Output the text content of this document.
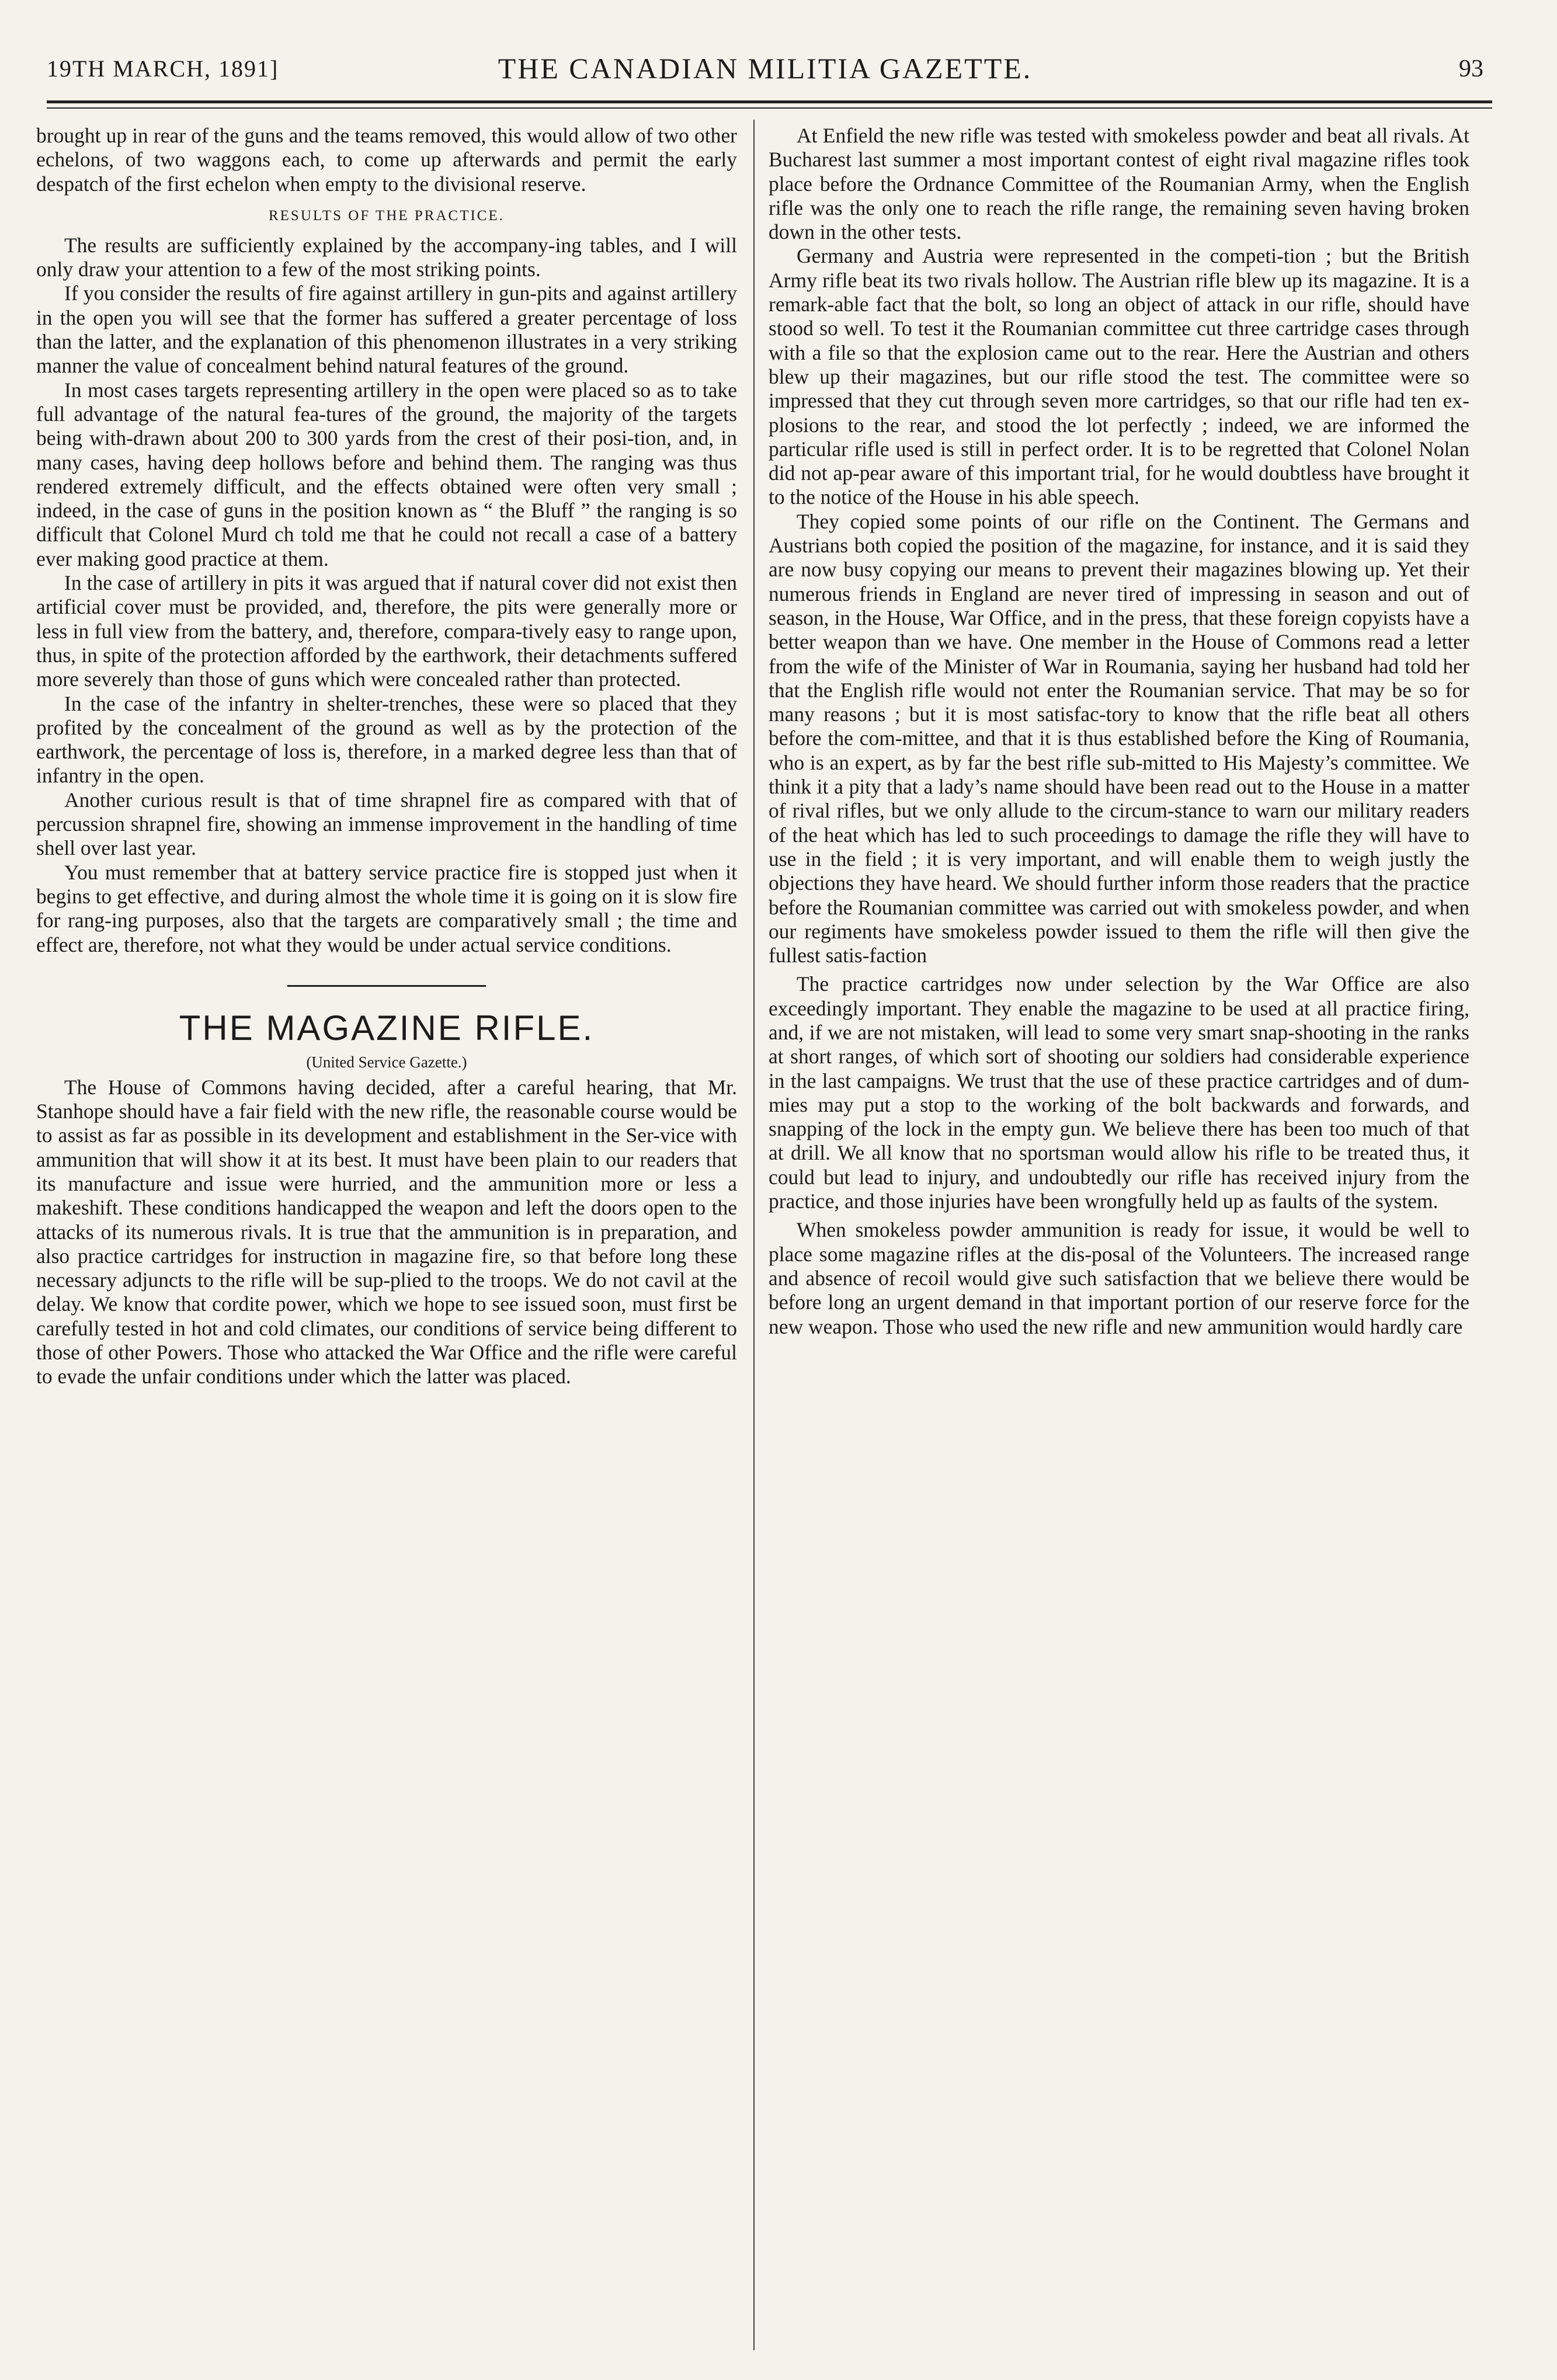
19TH MARCH, 1891]	THE CANADIAN MILITIA GAZETTE.	93

brought up in rear of the guns and the teams removed, this would allow of two other echelons, of two waggons each, to come up afterwards and permit the early despatch of the first echelon when empty to the divisional reserve.

RESULTS OF THE PRACTICE.

The results are sufficiently explained by the accompany-ing tables, and I will only draw your attention to a few of the most striking points.

If you consider the results of fire against artillery in gun-pits and against artillery in the open you will see that the former has suffered a greater percentage of loss than the latter, and the explanation of this phenomenon illustrates in a very striking manner the value of concealment behind natural features of the ground.

In most cases targets representing artillery in the open were placed so as to take full advantage of the natural fea-tures of the ground, the majority of the targets being with-drawn about 200 to 300 yards from the crest of their posi-tion, and, in many cases, having deep hollows before and behind them. The ranging was thus rendered extremely difficult, and the effects obtained were often very small ; indeed, in the case of guns in the position known as “ the Bluff ” the ranging is so difficult that Colonel Murd ch told me that he could not recall a case of a battery ever making good practice at them.

In the case of artillery in pits it was argued that if natural cover did not exist then artificial cover must be provided, and, therefore, the pits were generally more or less in full view from the battery, and, therefore, compara-tively easy to range upon, thus, in spite of the protection afforded by the earthwork, their detachments suffered more severely than those of guns which were concealed rather than protected.

In the case of the infantry in shelter-trenches, these were so placed that they profited by the concealment of the ground as well as by the protection of the earthwork, the percentage of loss is, therefore, in a marked degree less than that of infantry in the open.

Another curious result is that of time shrapnel fire as compared with that of percussion shrapnel fire, showing an immense improvement in the handling of time shell over last year.

You must remember that at battery service practice fire is stopped just when it begins to get effective, and during almost the whole time it is going on it is slow fire for rang-ing purposes, also that the targets are comparatively small ; the time and effect are, therefore, not what they would be under actual service conditions.

THE MAGAZINE RIFLE.
(United Service Gazette.)

The House of Commons having decided, after a careful hearing, that Mr. Stanhope should have a fair field with the new rifle, the reasonable course would be to assist as far as possible in its development and establishment in the Ser-vice with ammunition that will show it at its best. It must have been plain to our readers that its manufacture and issue were hurried, and the ammunition more or less a makeshift. These conditions handicapped the weapon and left the doors open to the attacks of its numerous rivals. It is true that the ammunition is in preparation, and also practice cartridges for instruction in magazine fire, so that before long these necessary adjuncts to the rifle will be sup-plied to the troops. We do not cavil at the delay. We know that cordite power, which we hope to see issued soon, must first be carefully tested in hot and cold climates, our conditions of service being different to those of other Powers. Those who attacked the War Office and the rifle were careful to evade the unfair conditions under which the latter was placed.

At Enfield the new rifle was tested with smokeless powder and beat all rivals. At Bucharest last summer a most important contest of eight rival magazine rifles took place before the Ordnance Committee of the Roumanian Army, when the English rifle was the only one to reach the rifle range, the remaining seven having broken down in the other tests.

Germany and Austria were represented in the competi-tion ; but the British Army rifle beat its two rivals hollow. The Austrian rifle blew up its magazine. It is a remark-able fact that the bolt, so long an object of attack in our rifle, should have stood so well. To test it the Roumanian committee cut three cartridge cases through with a file so that the explosion came out to the rear. Here the Austrian and others blew up their magazines, but our rifle stood the test. The committee were so impressed that they cut through seven more cartridges, so that our rifle had ten ex-plosions to the rear, and stood the lot perfectly ; indeed, we are informed the particular rifle used is still in perfect order. It is to be regretted that Colonel Nolan did not ap-pear aware of this important trial, for he would doubtless have brought it to the notice of the House in his able speech.

They copied some points of our rifle on the Continent. The Germans and Austrians both copied the position of the magazine, for instance, and it is said they are now busy copying our means to prevent their magazines blowing up. Yet their numerous friends in England are never tired of impressing in season and out of season, in the House, War Office, and in the press, that these foreign copyists have a better weapon than we have. One member in the House of Commons read a letter from the wife of the Minister of War in Roumania, saying her husband had told her that the English rifle would not enter the Roumanian service. That may be so for many reasons ; but it is most satisfac-tory to know that the rifle beat all others before the com-mittee, and that it is thus established before the King of Roumania, who is an expert, as by far the best rifle sub-mitted to His Majesty’s committee. We think it a pity that a lady’s name should have been read out to the House in a matter of rival rifles, but we only allude to the circum-stance to warn our military readers of the heat which has led to such proceedings to damage the rifle they will have to use in the field ; it is very important, and will enable them to weigh justly the objections they have heard. We should further inform those readers that the practice before the Roumanian committee was carried out with smokeless powder, and when our regiments have smokeless powder issued to them the rifle will then give the fullest satis-faction

The practice cartridges now under selection by the War Office are also exceedingly important. They enable the magazine to be used at all practice firing, and, if we are not mistaken, will lead to some very smart snap-shooting in the ranks at short ranges, of which sort of shooting our soldiers had considerable experience in the last campaigns. We trust that the use of these practice cartridges and of dum-mies may put a stop to the working of the bolt backwards and forwards, and snapping of the lock in the empty gun. We believe there has been too much of that at drill. We all know that no sportsman would allow his rifle to be treated thus, it could but lead to injury, and undoubtedly our rifle has received injury from the practice, and those injuries have been wrongfully held up as faults of the system.

When smokeless powder ammunition is ready for issue, it would be well to place some magazine rifles at the dis-posal of the Volunteers. The increased range and absence of recoil would give such satisfaction that we believe there would be before long an urgent demand in that important portion of our reserve force for the new weapon. Those who used the new rifle and new ammunition would hardly care
